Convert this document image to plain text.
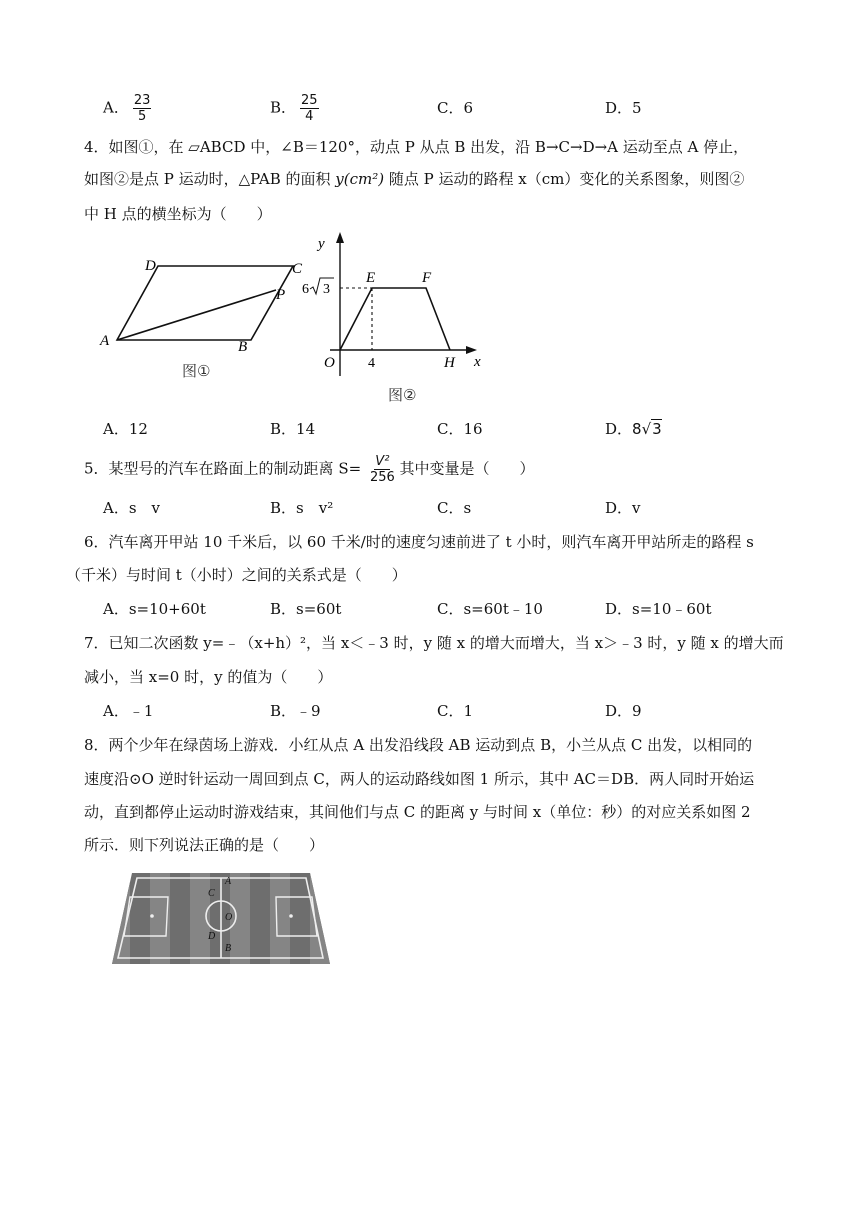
A． $\frac{23}{5}$	B． $\frac{25}{4}$	C．6	D．5
4．如图①，在 ▱ABCD 中，∠B＝120°，动点 P 从点 B 出发，沿 B→C→D→A 运动至点 A 停止，
如图②是点 P 运动时，△PAB 的面积 y(cm²) 随点 P 运动的路程 x（cm）变化的关系图象，则图②
中 H 点的横坐标为（　　）
D	C
P
A	B
图①
y
x
E	F
O	H
4
6 3
图②
A．12	B．14	C．16	D．8√3
5．某型号的汽车在路面上的制动距离 $S= \frac{\text{V²}}{256}$ 其中变量是（　　）
A．s　v	B．s　v²	C．s	D．v
6．汽车离开甲站 10 千米后，以 60 千米/时的速度匀速前进了 t 小时，则汽车离开甲站所走的路程 s
（千米）与时间 t（小时）之间的关系式是（　　）
A．s=10+60t	B．s=60t	C．s=60t﹣10	D．s=10﹣60t
7．已知二次函数 y=﹣（x+h）²，当 x＜﹣3 时，y 随 x 的增大而增大，当 x＞﹣3 时，y 随 x 的增大而
减小，当 x=0 时，y 的值为（　　）
A．﹣1	B．﹣9	C．1	D．9
8．两个少年在绿茵场上游戏．小红从点 A 出发沿线段 AB 运动到点 B，小兰从点 C 出发，以相同的
速度沿⊙O 逆时针运动一周回到点 C，两人的运动路线如图 1 所示，其中 AC＝DB．两人同时开始运
动，直到都停止运动时游戏结束，其间他们与点 C 的距离 y 与时间 x（单位：秒）的对应关系如图 2
所示．则下列说法正确的是（　　）
A
C
O
D
B
